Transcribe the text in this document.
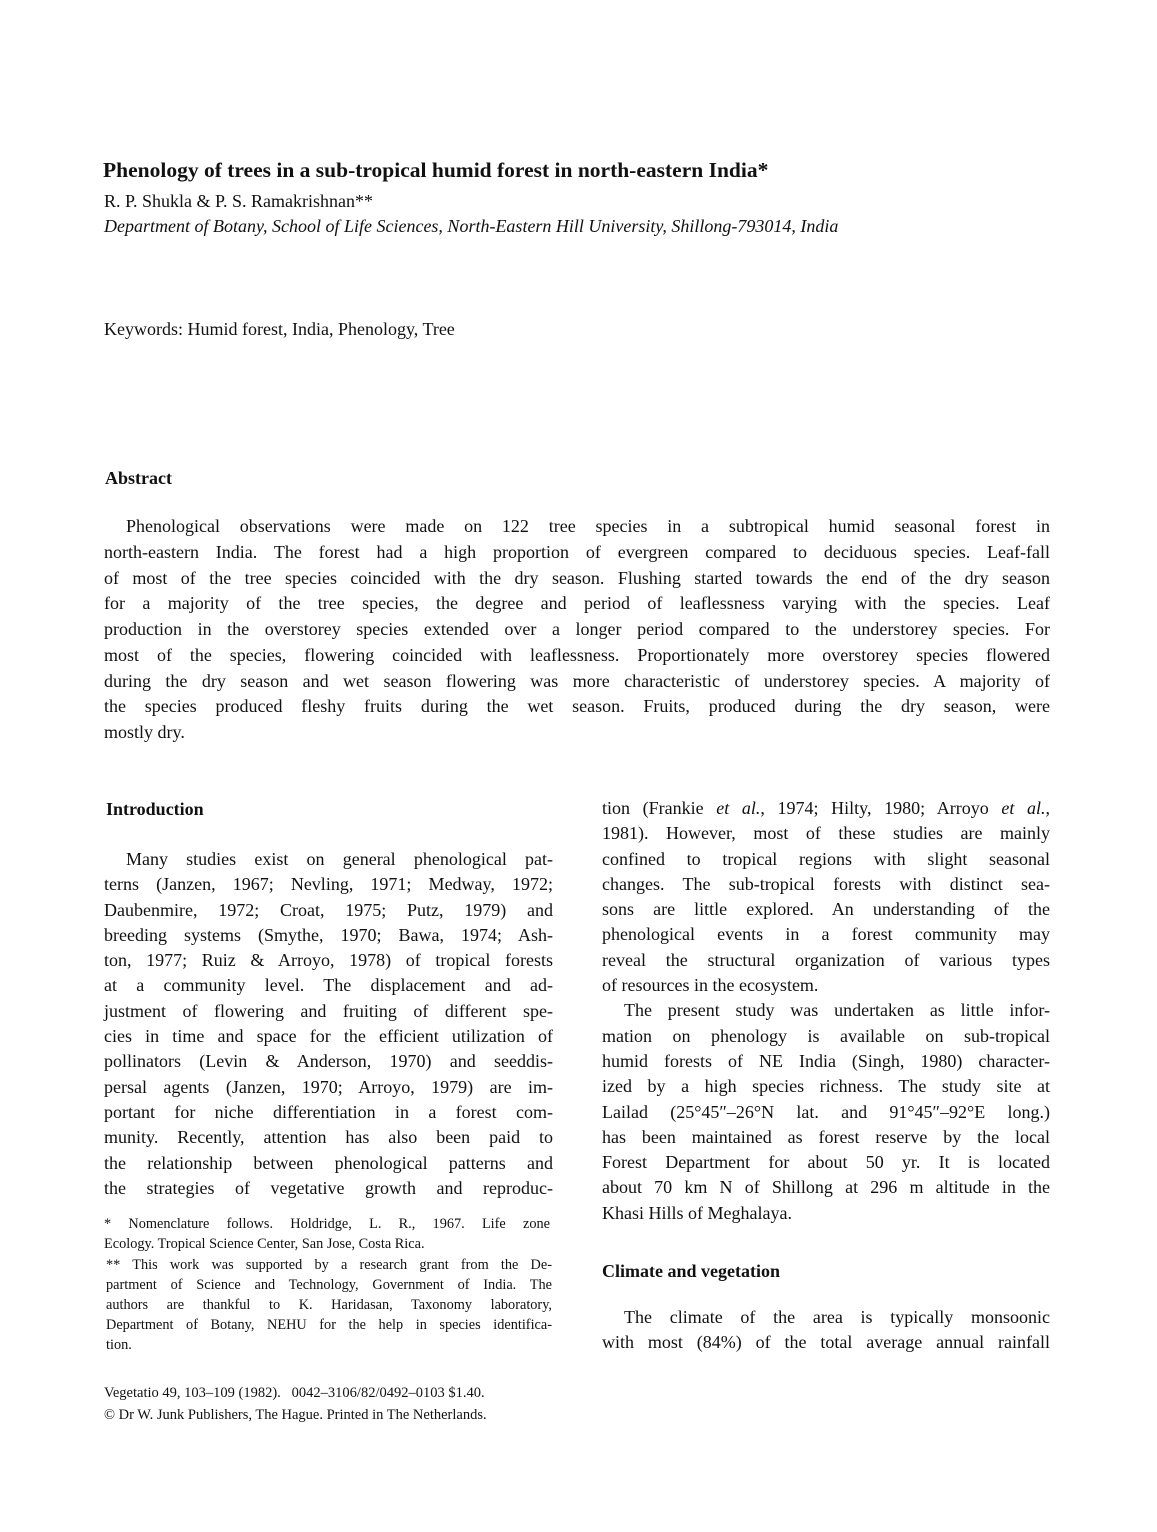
Phenology of trees in a sub-tropical humid forest in north-eastern India*
R. P. Shukla & P. S. Ramakrishnan**
Department of Botany, School of Life Sciences, North-Eastern Hill University, Shillong-793014, India
Keywords: Humid forest, India, Phenology, Tree
Abstract
Phenological observations were made on 122 tree species in a subtropical humid seasonal forest in
north-eastern India. The forest had a high proportion of evergreen compared to deciduous species. Leaf-fall
of most of the tree species coincided with the dry season. Flushing started towards the end of the dry season
for a majority of the tree species, the degree and period of leaflessness varying with the species. Leaf
production in the overstorey species extended over a longer period compared to the understorey species. For
most of the species, flowering coincided with leaflessness. Proportionately more overstorey species flowered
during the dry season and wet season flowering was more characteristic of understorey species. A majority of
the species produced fleshy fruits during the wet season. Fruits, produced during the dry season, were
mostly dry.
Introduction
Many studies exist on general phenological pat-
terns (Janzen, 1967; Nevling, 1971; Medway, 1972;
Daubenmire, 1972; Croat, 1975; Putz, 1979) and
breeding systems (Smythe, 1970; Bawa, 1974; Ash-
ton, 1977; Ruiz & Arroyo, 1978) of tropical forests
at a community level. The displacement and ad-
justment of flowering and fruiting of different spe-
cies in time and space for the efficient utilization of
pollinators (Levin & Anderson, 1970) and seeddis-
persal agents (Janzen, 1970; Arroyo, 1979) are im-
portant for niche differentiation in a forest com-
munity. Recently, attention has also been paid to
the relationship between phenological patterns and
the strategies of vegetative growth and reproduc-
* Nomenclature follows. Holdridge, L. R., 1967. Life zone
Ecology. Tropical Science Center, San Jose, Costa Rica.
** This work was supported by a research grant from the De-
partment of Science and Technology, Government of India. The
authors are thankful to K. Haridasan, Taxonomy laboratory,
Department of Botany, NEHU for the help in species identifica-
tion.
Vegetatio 49, 103–109 (1982).   0042–3106/82/0492–0103 $1.40.
© Dr W. Junk Publishers, The Hague. Printed in The Netherlands.
tion (Frankie et al., 1974; Hilty, 1980; Arroyo et al.,
1981). However, most of these studies are mainly
confined to tropical regions with slight seasonal
changes. The sub-tropical forests with distinct sea-
sons are little explored. An understanding of the
phenological events in a forest community may
reveal the structural organization of various types
of resources in the ecosystem.
The present study was undertaken as little infor-
mation on phenology is available on sub-tropical
humid forests of NE India (Singh, 1980) character-
ized by a high species richness. The study site at
Lailad (25°45″–26°N lat. and 91°45″–92°E long.)
has been maintained as forest reserve by the local
Forest Department for about 50 yr. It is located
about 70 km N of Shillong at 296 m altitude in the
Khasi Hills of Meghalaya.
Climate and vegetation
The climate of the area is typically monsoonic
with most (84%) of the total average annual rainfall
